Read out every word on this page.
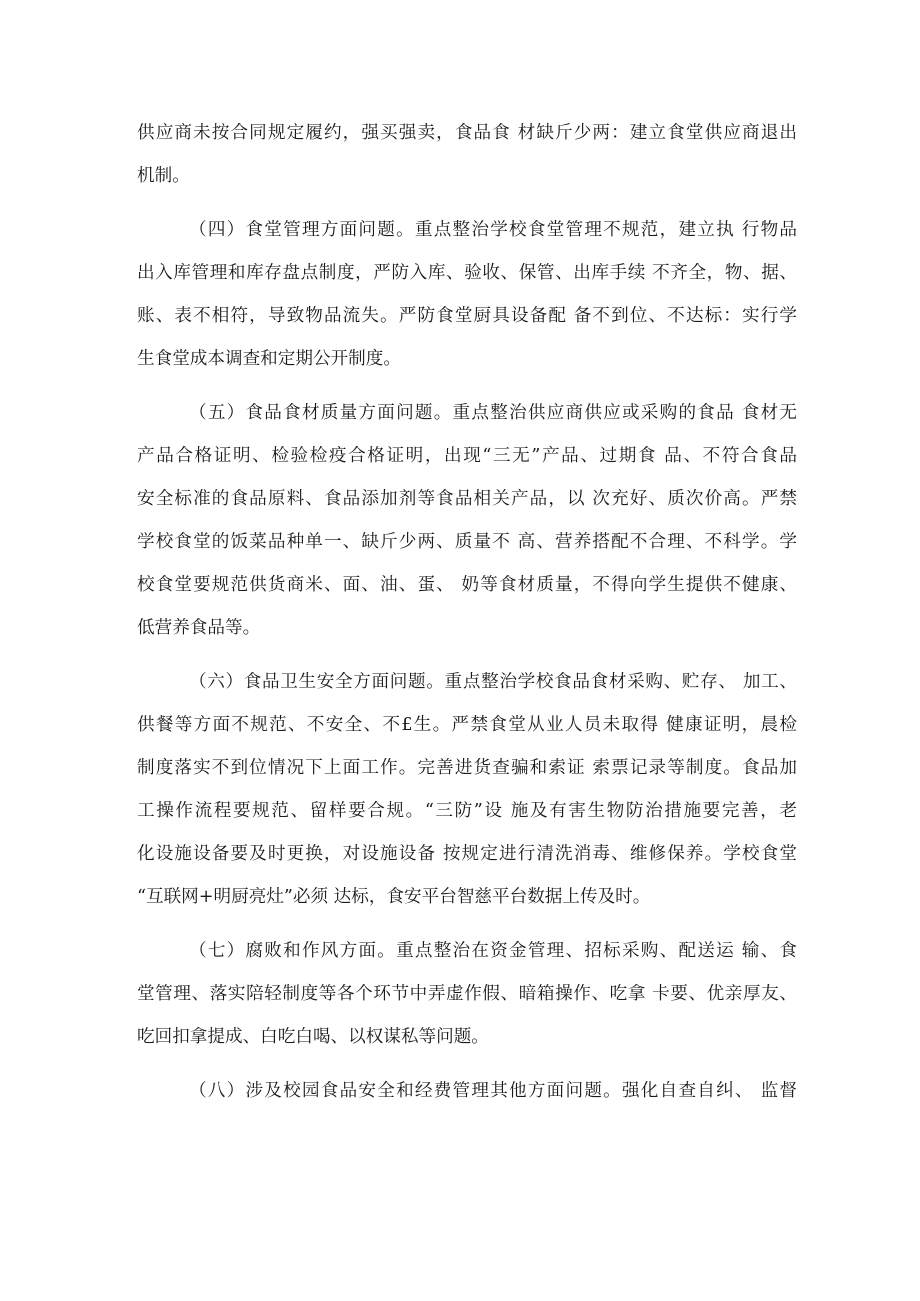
供应商未按合同规定履约，强买强卖，食品食 材缺斤少两：建立食堂供应商退出
机制。
（四）食堂管理方面问题。重点整治学校食堂管理不规范，建立执 行物品
出入库管理和库存盘点制度，严防入库、验收、保管、出库手续 不齐全，物、据、
账、表不相符，导致物品流失。严防食堂厨具设备配 备不到位、不达标：实行学
生食堂成本调查和定期公开制度。
（五）食品食材质量方面问题。重点整治供应商供应或采购的食品 食材无
产品合格证明、检验检疫合格证明，出现“三无”产品、过期食 品、不符合食品
安全标准的食品原料、食品添加剂等食品相关产品，以 次充好、质次价高。严禁
学校食堂的饭菜品种单一、缺斤少两、质量不 高、营养搭配不合理、不科学。学
校食堂要规范供货商米、面、油、蛋、 奶等食材质量，不得向学生提供不健康、
低营养食品等。
（六）食品卫生安全方面问题。重点整治学校食品食材采购、贮存、 加工、
供餐等方面不规范、不安全、不£生。严禁食堂从业人员未取得 健康证明，晨检
制度落实不到位情况下上面工作。完善进货查骗和索证 索票记录等制度。食品加
工操作流程要规范、留样要合规。“三防”设 施及有害生物防治措施要完善，老
化设施设备要及时更换，对设施设备 按规定进行清洗消毒、维修保养。学校食堂
“互联网+明厨亮灶”必须 达标，食安平台智慈平台数据上传及时。
（七）腐败和作风方面。重点整治在资金管理、招标采购、配送运 输、食
堂管理、落实陪轻制度等各个环节中弄虚作假、暗箱操作、吃拿 卡要、优亲厚友、
吃回扣拿提成、白吃白喝、以权谋私等问题。
（八）涉及校园食品安全和经费管理其他方面问题。强化自查自纠、 监督
